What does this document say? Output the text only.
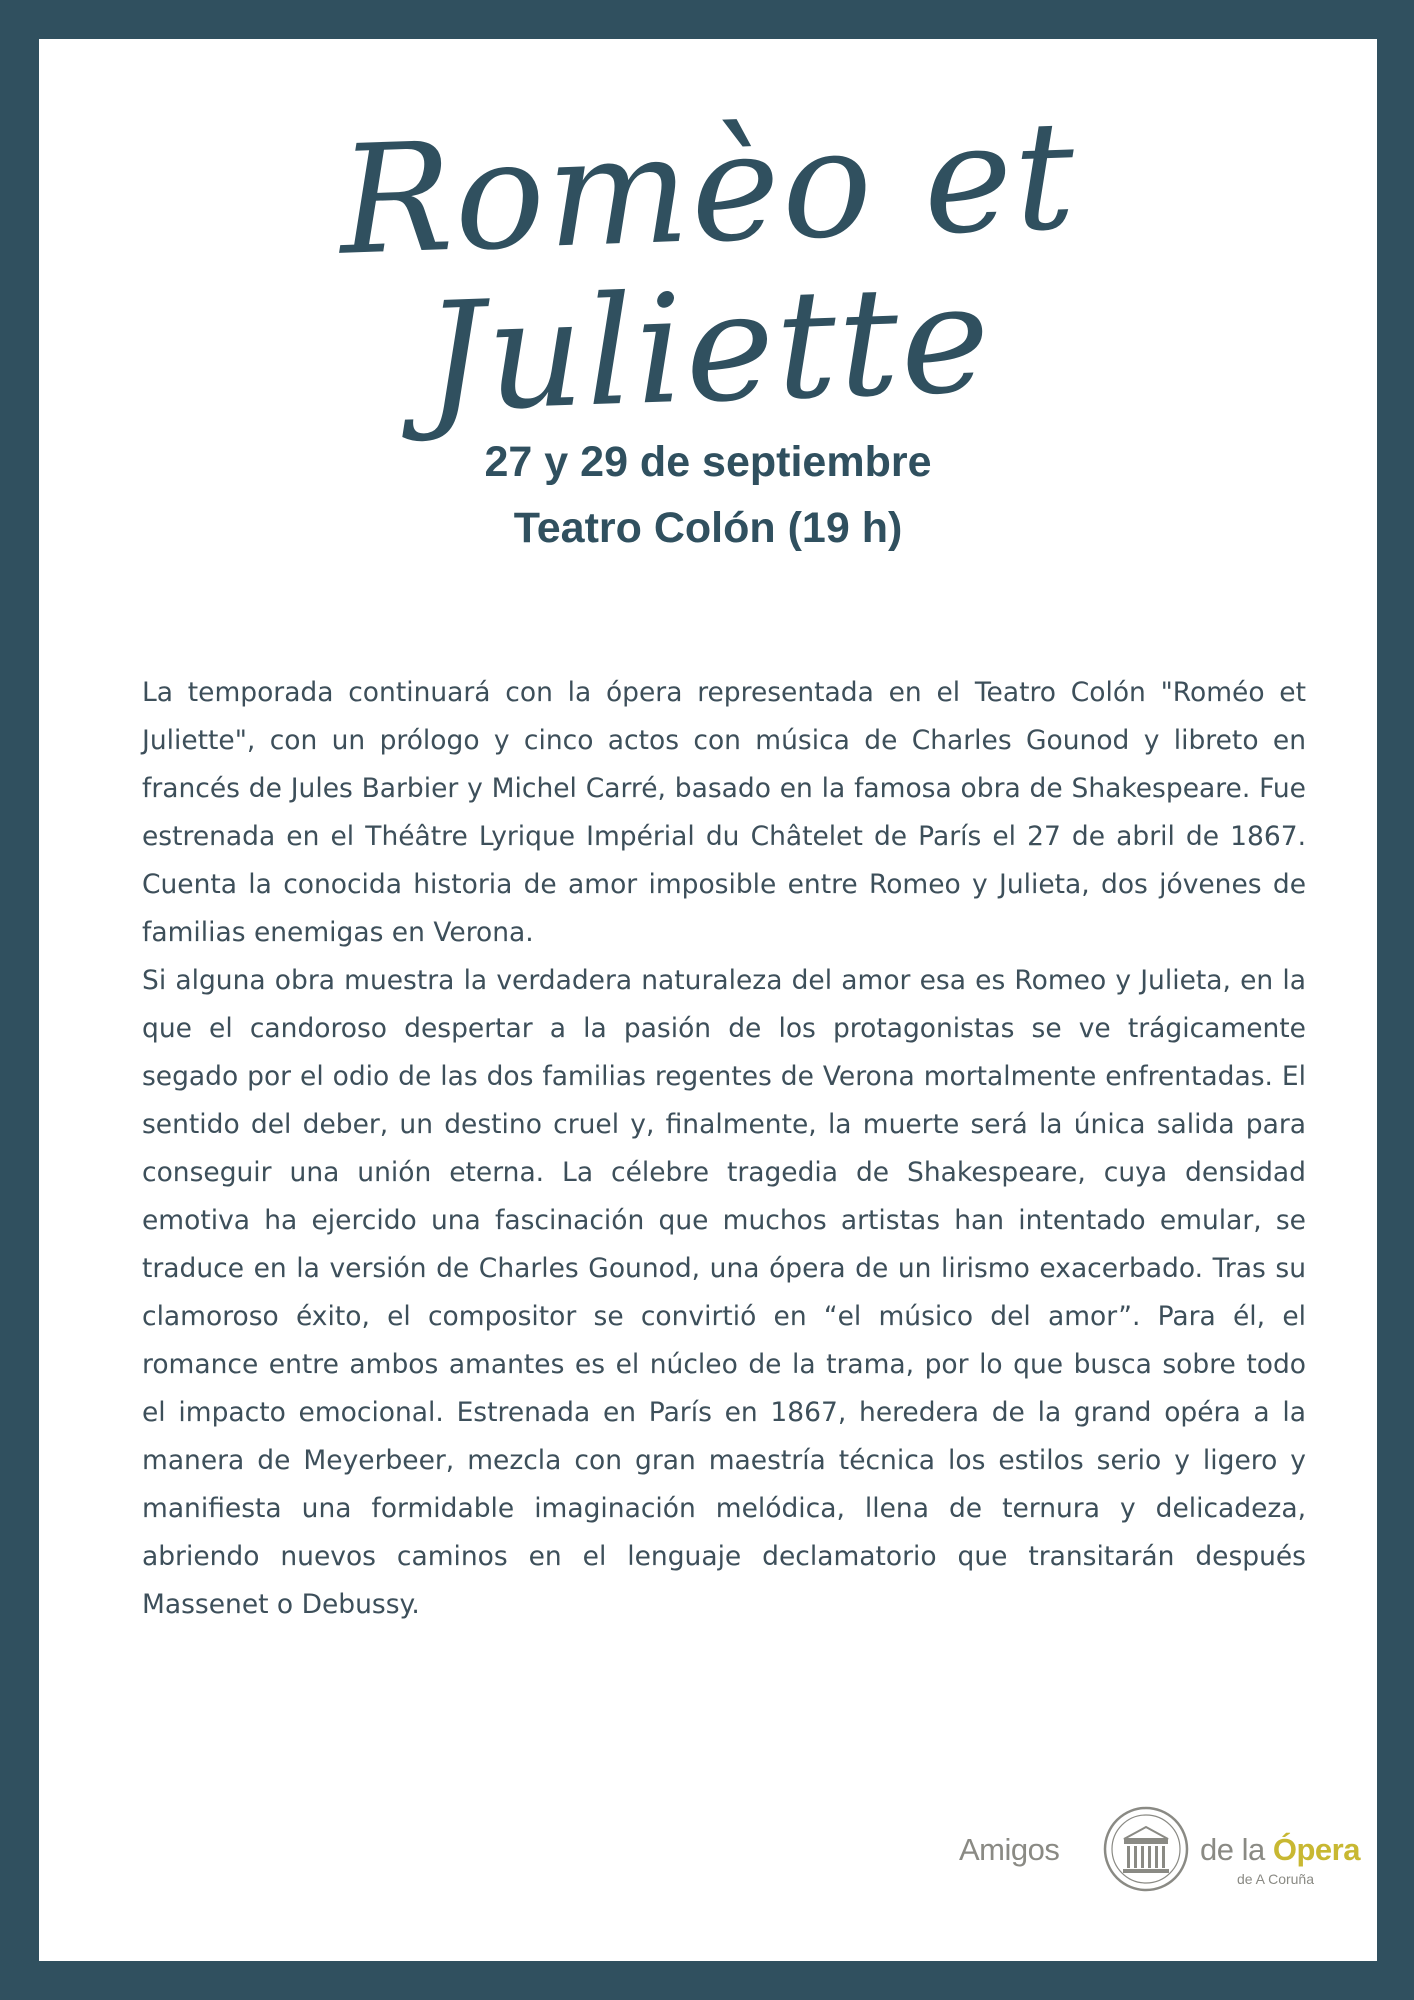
Romèo et
Juliette
27 y 29 de septiembre
Teatro Colón (19 h)

La temporada continuará con la ópera representada en el Teatro Colón "Roméo et Juliette", con un prólogo y cinco actos con música de Charles Gounod y libreto en francés de Jules Barbier y Michel Carré, basado en la famosa obra de Shakespeare. Fue estrenada en el Théâtre Lyrique Impérial du Châtelet de París el 27 de abril de 1867. Cuenta la conocida historia de amor imposible entre Romeo y Julieta, dos jóvenes de familias enemigas en Verona.

Si alguna obra muestra la verdadera naturaleza del amor esa es Romeo y Julieta, en la que el candoroso despertar a la pasión de los protagonistas se ve trágicamente segado por el odio de las dos familias regentes de Verona mortalmente enfrentadas. El sentido del deber, un destino cruel y, finalmente, la muerte será la única salida para conseguir una unión eterna. La célebre tragedia de Shakespeare, cuya densidad emotiva ha ejercido una fascinación que muchos artistas han intentado emular, se traduce en la versión de Charles Gounod, una ópera de un lirismo exacerbado. Tras su clamoroso éxito, el compositor se convirtió en “el músico del amor”. Para él, el romance entre ambos amantes es el núcleo de la trama, por lo que busca sobre todo el impacto emocional. Estrenada en París en 1867, heredera de la grand opéra a la manera de Meyerbeer, mezcla con gran maestría técnica los estilos serio y ligero y manifiesta una formidable imaginación melódica, llena de ternura y delicadeza, abriendo nuevos caminos en el lenguaje declamatorio que transitarán después Massenet o Debussy.

Amigos	de la Ópera
de A Coruña
